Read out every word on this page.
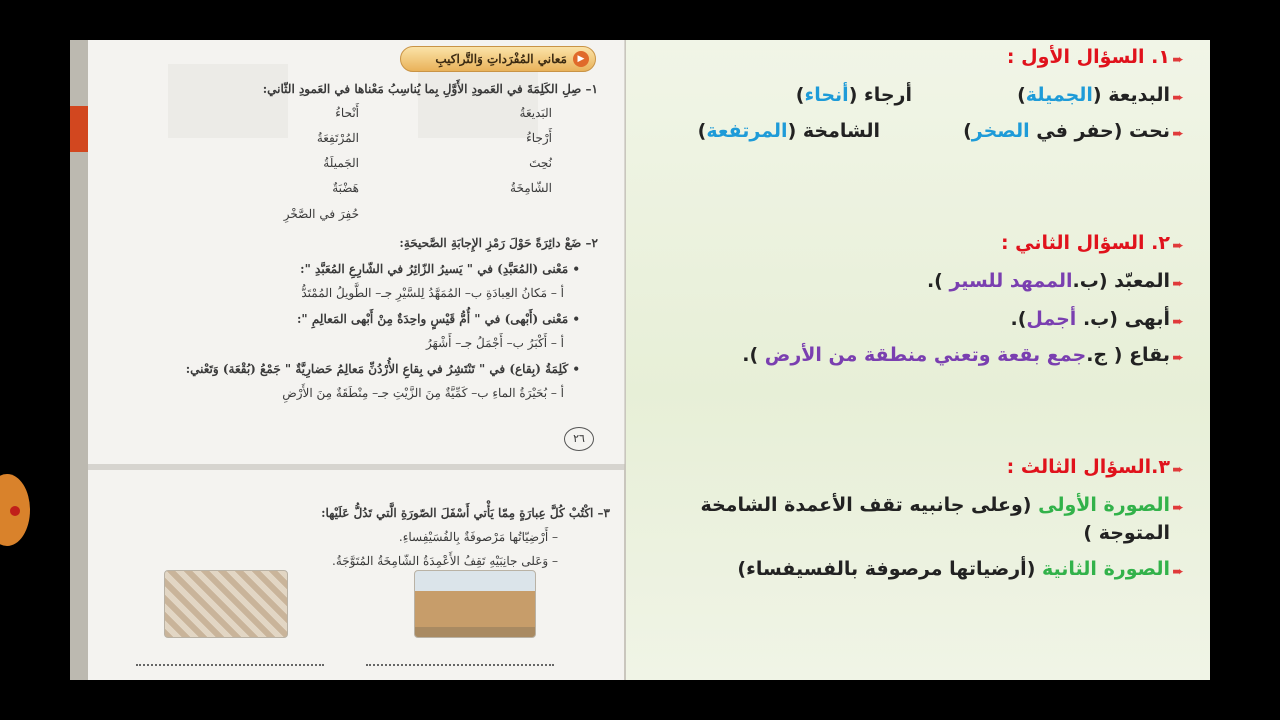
▶
مَعاني المُفْرَداتِ وَالتَّراكيبِ
١– صِلِ الكَلِمَةَ في العَمودِ الأَوَّلِ بِما يُناسِبُ مَعْناها في العَمودِ الثّاني:
البَديعَةُ
أَرْجاءُ
نُحِتَ
الشّامِخَةُ
أَنْحاءُ
المُرْتَفِعَةُ
الجَميلَةُ
هَضْبَةٌ
حُفِرَ في الصَّخْرِ
٢– ضَعْ دائِرَةً حَوْلَ رَمْزِ الإِجابَةِ الصَّحيحَةِ:
• مَعْنى (المُعَبَّدِ) في " يَسيرُ الزّائِرُ في الشّارِعِ المُعَبَّدِ ":
أ – مَكانُ العِبادَةِ ب– المُمَهَّدُ لِلسَّيْرِ جـ– الطَّويلُ المُمْتَدُّ
• مَعْنى (أَبْهى) في " أُمُّ قَيْسٍ واحِدَةٌ مِنْ أَبْهى المَعالِمِ ":
أ – أَكْبَرُ ب– أَجْمَلُ جـ– أَشْهَرُ
• كَلِمَةُ (بِقاع) في " تَنْتَشِرُ في بِقاعِ الأُرْدُنِّ مَعالِمُ حَضارِيَّةٌ " جَمْعُ (بُقْعَة) وَتَعْني:
أ – بُحَيْرَةُ الماءِ ب– كَمِّيَّةٌ مِنَ الزَّيْتِ جـ– مِنْطَقَةٌ مِنَ الأَرْضِ
٢٦
٣– اكْتُبْ كُلَّ عِبارَةٍ مِمّا يَأْتي أَسْفَلَ الصّورَةِ الَّتي تَدُلُّ عَلَيْها:
– أَرْضِيّاتُها مَرْصوفَةٌ بِالفُسَيْفِساءِ.
– وَعَلى جانِبَيْهِ تَقِفُ الأَعْمِدَةُ الشّامِخَةُ المُتَوَّجَةُ.
➨
١. السؤال الأول :
➨
البديعة (الجميلة)
أرجاء (أنحاء)
➨
نحت (حفر في الصخر)
الشامخة (المرتفعة)
➨
٢. السؤال الثاني :
➨
المعبّد (ب.الممهد للسير ).
➨
أبهى (ب. أجمل).
➨
بقاع ( ج.جمع بقعة وتعني منطقة من الأرض ).
➨
٣.السؤال الثالث :
➨
الصورة الأولى (وعلى جانبيه تقف الأعمدة الشامخة
المتوجة )
➨
الصورة الثانية (أرضياتها مرصوفة بالفسيفساء)
